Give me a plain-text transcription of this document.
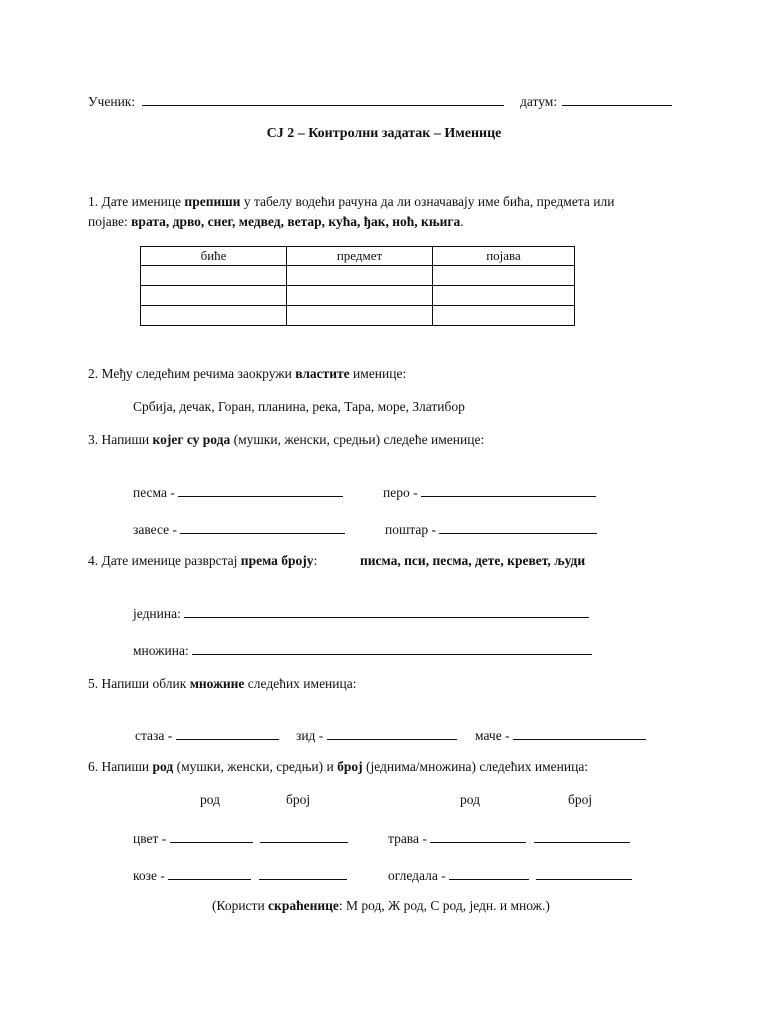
Ученик:	датум:
СЈ 2 – Контролни задатак – Именице
1. Дате именице препиши у табелу водећи рачуна да ли означавају име бића, предмета или
појаве: врата, дрво, снег, медвед, ветар, кућа, ђак, ноћ, књига.
биће	предмет	појава

2. Међу следећим речима заокружи властите именице:
Србија, дечак, Горан, планина, река, Тара, море, Златибор
3. Напиши којег су рода (мушки, женски, средњи) следеће именице:
песма -	перо -
завесе -	поштар -
4. Дате именице разврстај према броју:	писма, пси, песма, дете, кревет, људи
једнина:
множина:
5. Напиши облик множине следећих именица:
стаза -	зид -	маче -
6. Напиши род (мушки, женски, средњи) и број (једнима/множина) следећих именица:
род	број	род	број
цвет -	трава -
козе -	огледала -
(Користи скраћенице: М род, Ж род, С род, једн. и множ.)
